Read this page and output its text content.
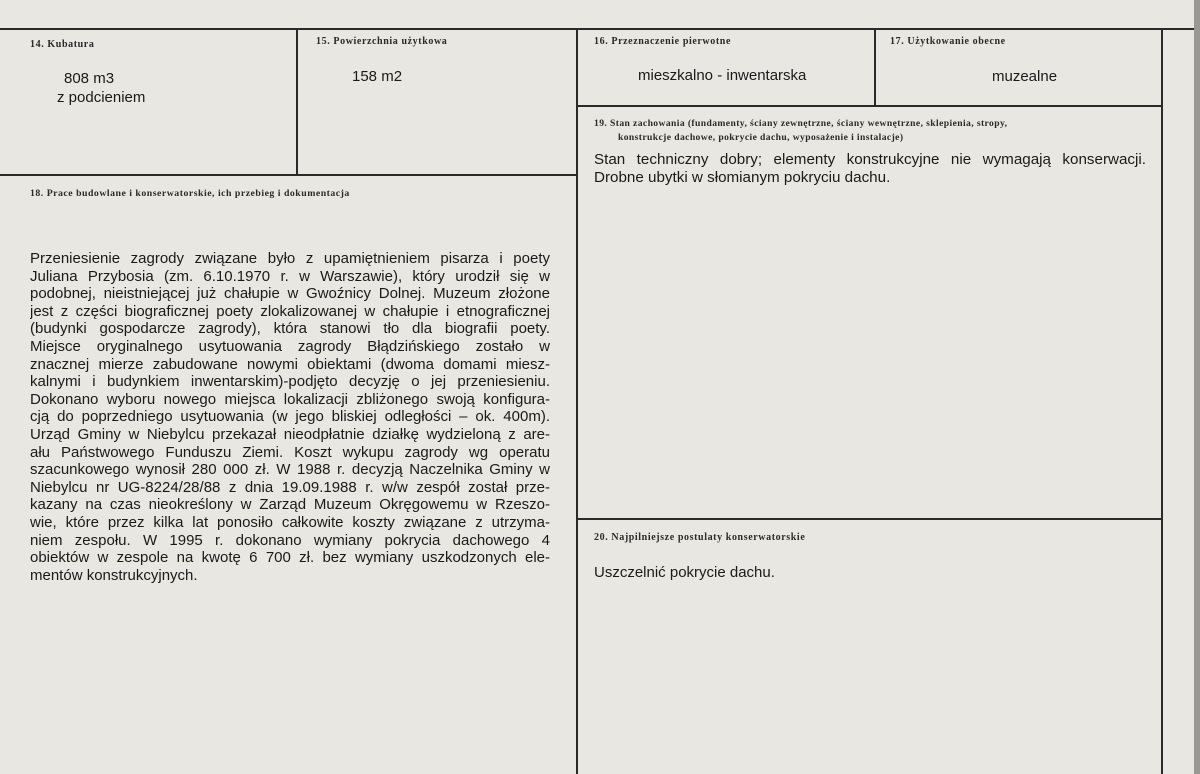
14. Kubatura
808 m3
z podcieniem
15. Powierzchnia użytkowa
158 m2
16. Przeznaczenie pierwotne
mieszkalno - inwentarska
17. Użytkowanie obecne
muzealne
19. Stan zachowania (fundamenty, ściany zewnętrzne, ściany wewnętrzne, sklepienia, stropy,
konstrukcje dachowe, pokrycie dachu, wyposażenie i instalacje)
Stan techniczny dobry; elementy konstrukcyjne nie wymagają konserwacji.
Drobne ubytki w słomianym pokryciu dachu.
18. Prace budowlane i konserwatorskie, ich przebieg i dokumentacja
Przeniesienie zagrody związane było z upamiętnieniem pisarza i poety
Juliana Przybosia (zm. 6.10.1970 r. w Warszawie), który urodził się w
podobnej, nieistniejącej już chałupie w Gwoźnicy Dolnej. Muzeum złożone
jest z części biograficznej poety zlokalizowanej w chałupie i etnograficznej
(budynki gospodarcze zagrody), która stanowi tło dla biografii poety.
Miejsce oryginalnego usytuowania zagrody Błądzińskiego zostało w
znacznej mierze zabudowane nowymi obiektami (dwoma domami miesz-
kalnymi i budynkiem inwentarskim)-podjęto decyzję o jej przeniesieniu.
Dokonano wyboru nowego miejsca lokalizacji zbliżonego swoją konfigura-
cją do poprzedniego usytuowania (w jego bliskiej odległości – ok. 400m).
Urząd Gminy w Niebylcu przekazał nieodpłatnie działkę wydzieloną z are-
ału Państwowego Funduszu Ziemi. Koszt wykupu zagrody wg operatu
szacunkowego wynosił 280 000 zł. W 1988 r. decyzją Naczelnika Gminy w
Niebylcu nr UG-8224/28/88 z dnia 19.09.1988 r. w/w zespół został prze-
kazany na czas nieokreślony w Zarząd Muzeum Okręgowemu w Rzeszo-
wie, które przez kilka lat ponosiło całkowite koszty związane z utrzyma-
niem zespołu. W 1995 r. dokonano wymiany pokrycia dachowego 4
obiektów w zespole na kwotę 6 700 zł. bez wymiany uszkodzonych ele-
mentów konstrukcyjnych.
20. Najpilniejsze postulaty konserwatorskie
Uszczelnić pokrycie dachu.
